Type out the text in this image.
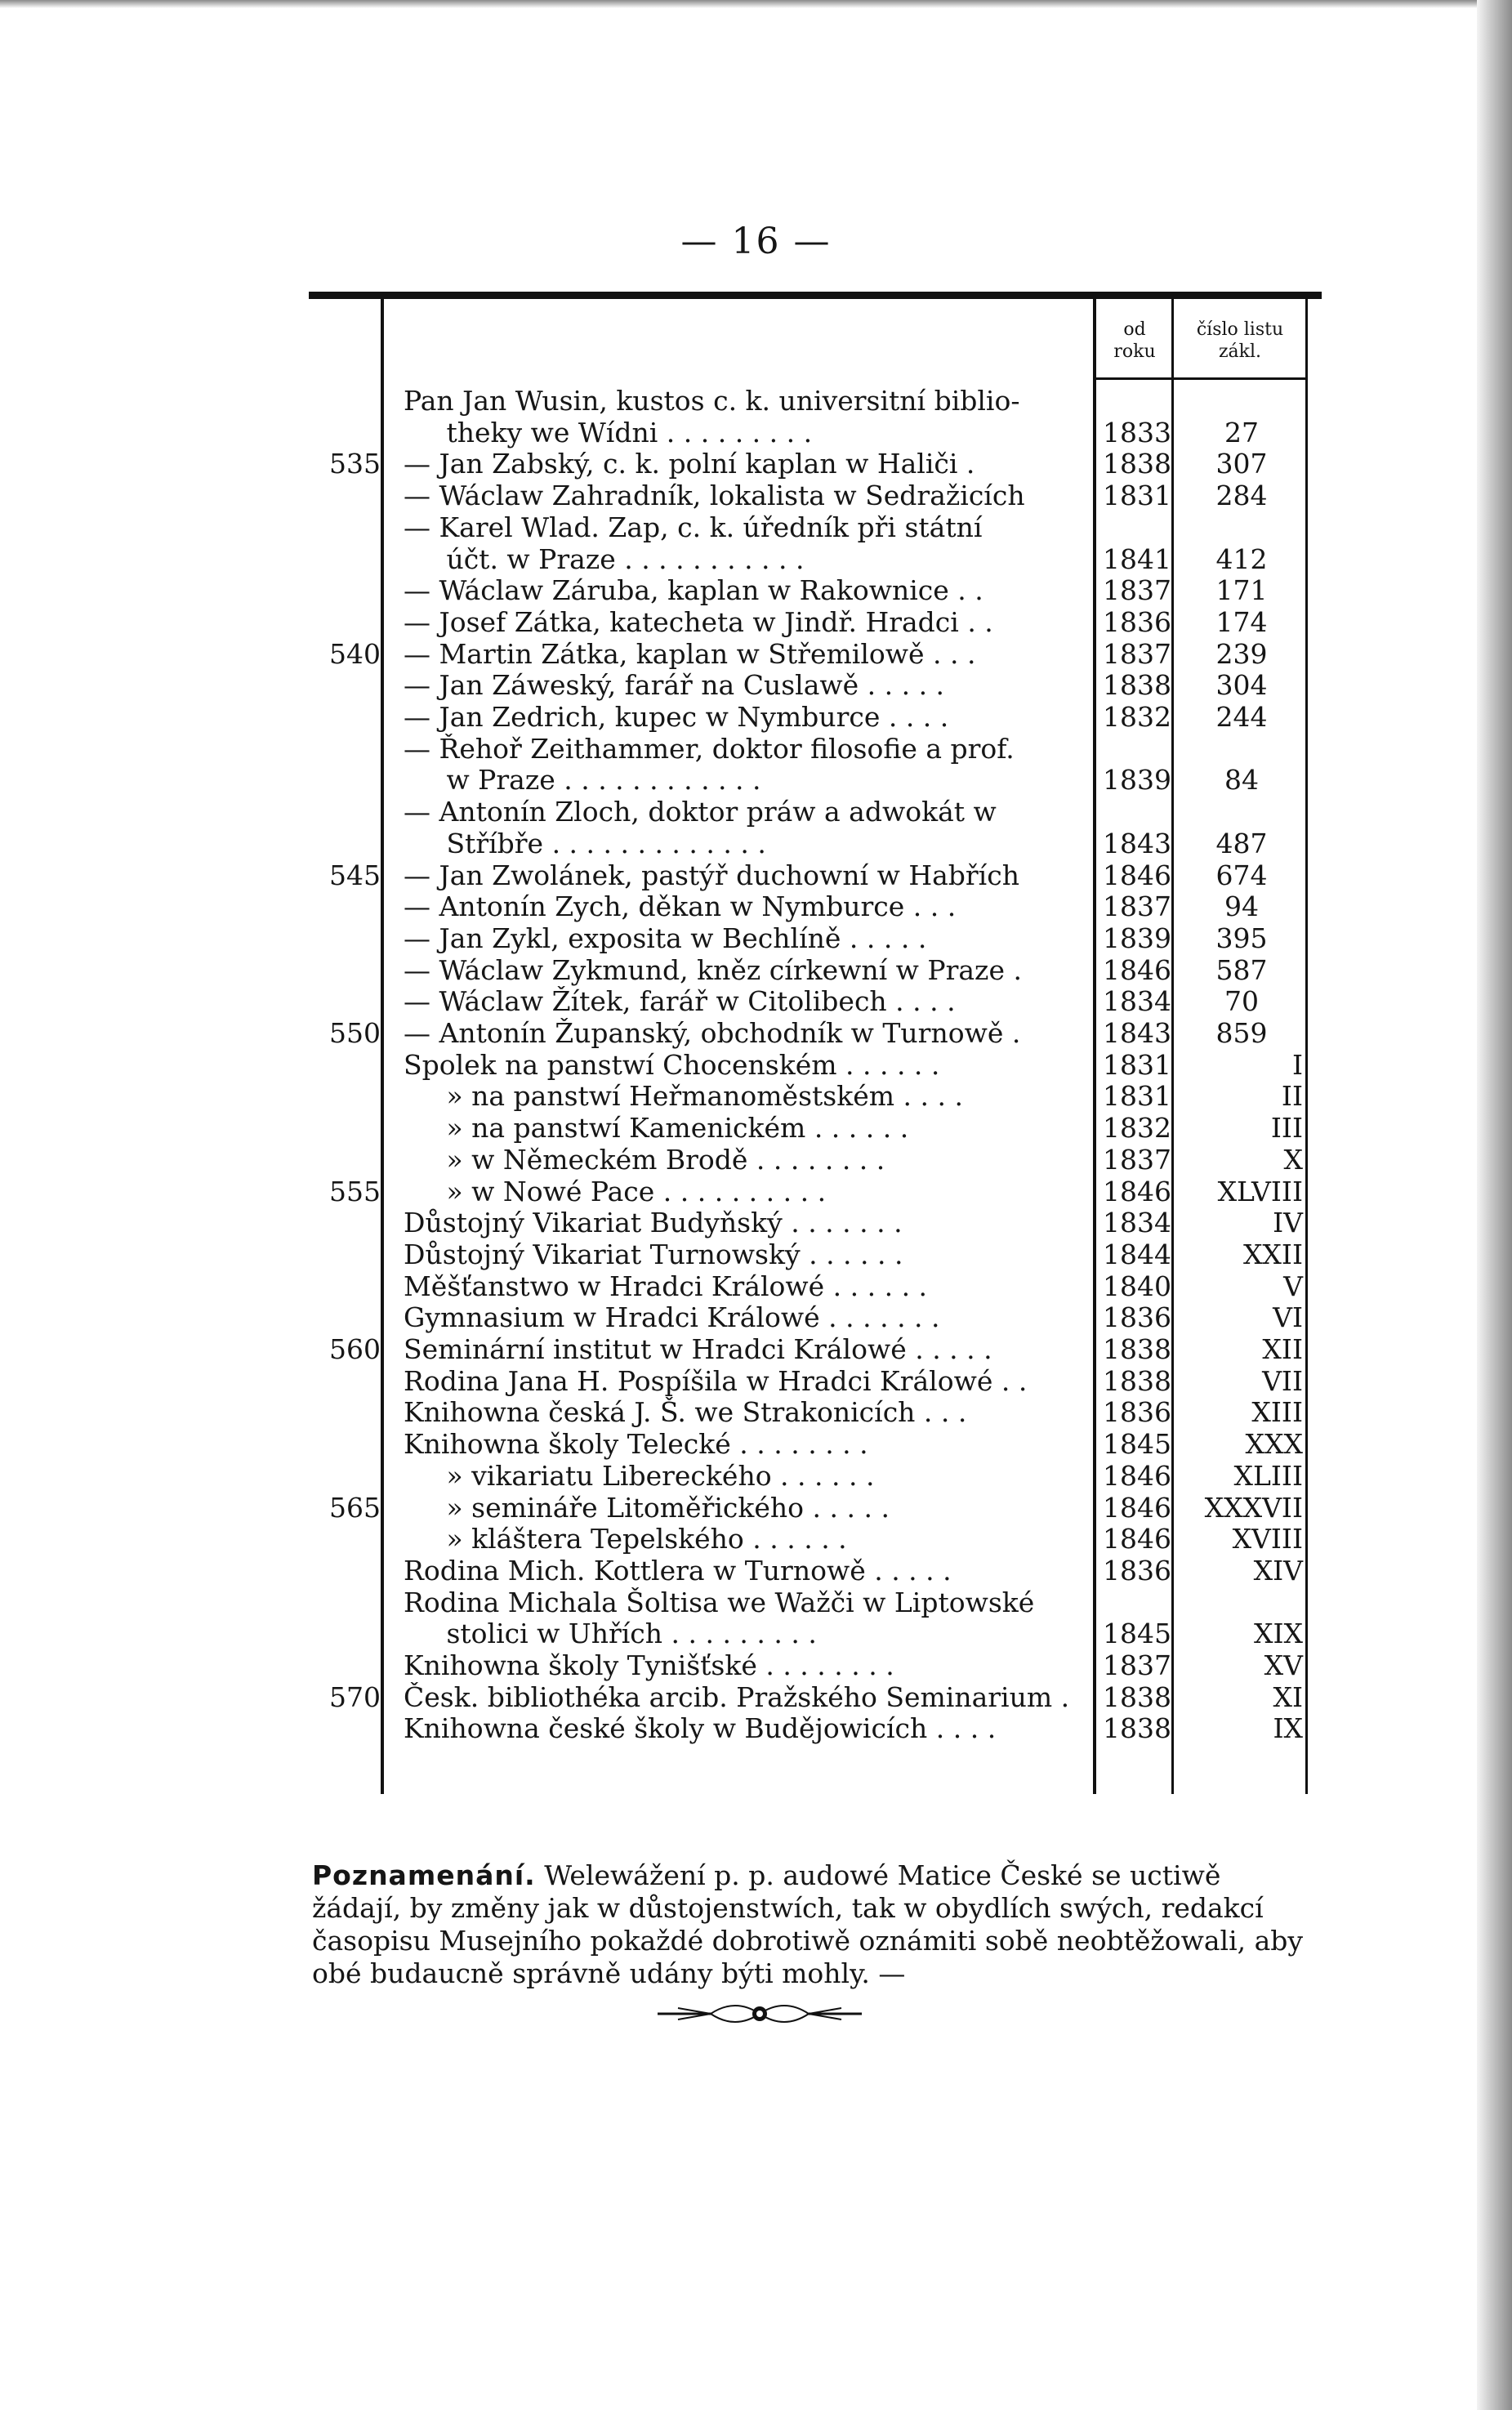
— 16 —
od
roku
číslo listu
zákl.
Pan Jan Wusin, kustos c. k. universitní biblio-
theky we Wídni . . . . . . . . .	1833	27
535 — Jan Zabský, c. k. polní kaplan w Haliči .	1838	307
— Wáclaw Zahradník, lokalista w Sedražicích	1831	284
— Karel Wlad. Zap, c. k. úředník při státní
účt. w Praze . . . . . . . . . . .	1841	412
— Wáclaw Záruba, kaplan w Rakownice . .	1837	171
— Josef Zátka, katecheta w Jindř. Hradci . .	1836	174
540 — Martin Zátka, kaplan w Střemilowě . . .	1837	239
— Jan Záweský, farář na Cuslawě . . . . .	1838	304
— Jan Zedrich, kupec w Nymburce . . . .	1832	244
— Řehoř Zeithammer, doktor filosofie a prof.
w Praze . . . . . . . . . . . .	1839	84
— Antonín Zloch, doktor práw a adwokát w
Stříbře . . . . . . . . . . . . .	1843	487
545 — Jan Zwolánek, pastýř duchowní w Habřích	1846	674
— Antonín Zych, děkan w Nymburce . . .	1837	94
— Jan Zykl, exposita w Bechlíně . . . . .	1839	395
— Wáclaw Zykmund, kněz církewní w Praze .	1846	587
— Wáclaw Žítek, farář w Citolibech . . . .	1834	70
550 — Antonín Županský, obchodník w Turnowě .	1843	859
Spolek na panstwí Chocenském . . . . . .	1831	I
» na panstwí Heřmanoměstském . . . .	1831	II
» na panstwí Kamenickém . . . . . .	1832	III
» w Německém Brodě . . . . . . . .	1837	X
555 » w Nowé Pace . . . . . . . . . .	1846	XLVIII
Důstojný Vikariat Budyňský . . . . . . .	1834	IV
Důstojný Vikariat Turnowský . . . . . .	1844	XXII
Měšťanstwo w Hradci Králowé . . . . . .	1840	V
Gymnasium w Hradci Králowé . . . . . . .	1836	VI
560 Seminární institut w Hradci Králowé . . . . .	1838	XII
Rodina Jana H. Pospíšila w Hradci Králowé . .	1838	VII
Knihowna česká J. Š. we Strakonicích . . .	1836	XIII
Knihowna školy Telecké . . . . . . . .	1845	XXX
» vikariatu Libereckého . . . . . .	1846	XLIII
565 » semináře Litoměřického . . . . .	1846	XXXVII
» kláštera Tepelského . . . . . .	1846	XVIII
Rodina Mich. Kottlera w Turnowě . . . . .	1836	XIV
Rodina Michala Šoltisa we Wažči w Liptowské
stolici w Uhřích . . . . . . . . .	1845	XIX
Knihowna školy Tynišťské . . . . . . . .	1837	XV
570 Česk. bibliothéka arcib. Pražského Seminarium .	1838	XI
Knihowna české školy w Budějowicích . . . .	1838	IX
Poznamenání. Welewážení p. p. audowé Matice České se uctiwě žádají, by změny jak w důstojenstwích, tak w obydlích swých, redakcí časopisu Musejního pokaždé dobrotiwě oznámiti sobě neobtěžowali, aby obé budaucně správně udány býti mohly. —
